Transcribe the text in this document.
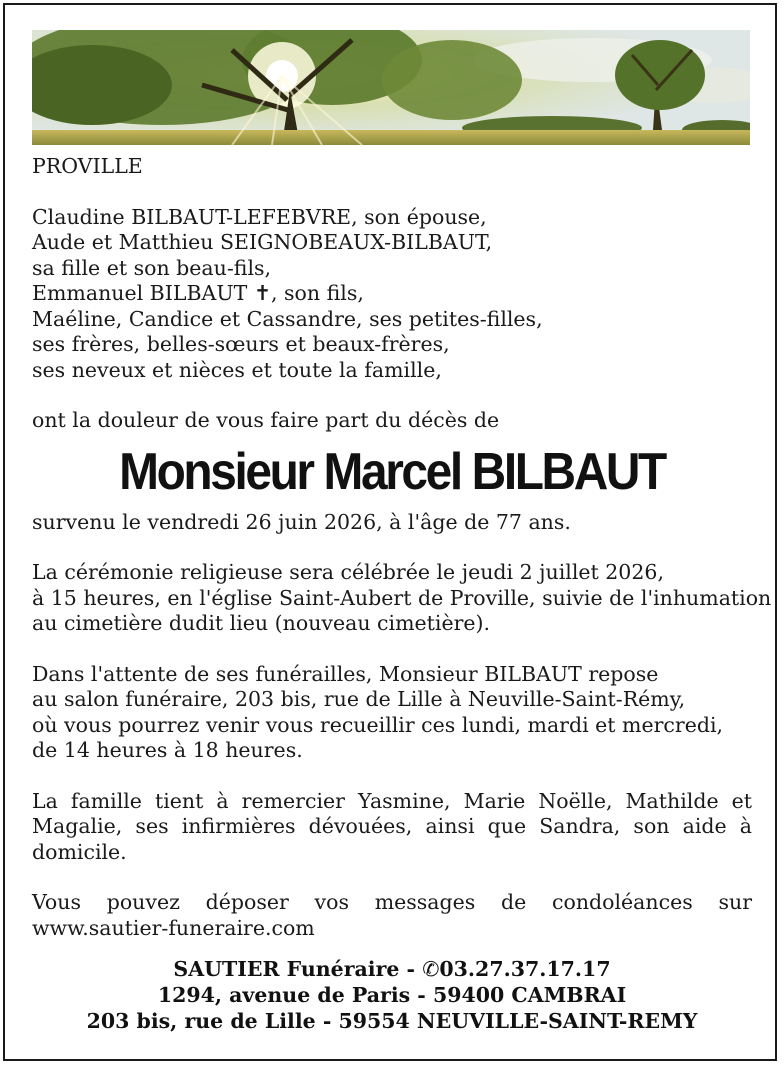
PROVILLE

Claudine BILBAUT-LEFEBVRE, son épouse,
Aude et Matthieu SEIGNOBEAUX-BILBAUT,
sa fille et son beau-fils,
Emmanuel BILBAUT ✝, son fils,
Maéline, Candice et Cassandre, ses petites-filles,
ses frères, belles-sœurs et beaux-frères,
ses neveux et nièces et toute la famille,

ont la douleur de vous faire part du décès de

Monsieur Marcel BILBAUT

survenu le vendredi 26 juin 2026, à l'âge de 77 ans.

La cérémonie religieuse sera célébrée le jeudi 2 juillet 2026,
à 15 heures, en l'église Saint-Aubert de Proville, suivie de l'inhumation
au cimetière dudit lieu (nouveau cimetière).

Dans l'attente de ses funérailles, Monsieur BILBAUT repose
au salon funéraire, 203 bis, rue de Lille à Neuville-Saint-Rémy,
où vous pourrez venir vous recueillir ces lundi, mardi et mercredi,
de 14 heures à 18 heures.

La famille tient à remercier Yasmine, Marie Noëlle, Mathilde et Magalie, ses infirmières dévouées, ainsi que Sandra, son aide à domicile.

Vous pouvez déposer vos messages de condoléances sur www.sautier-funeraire.com

SAUTIER Funéraire - ✆03.27.37.17.17
1294, avenue de Paris - 59400 CAMBRAI
203 bis, rue de Lille - 59554 NEUVILLE-SAINT-REMY
